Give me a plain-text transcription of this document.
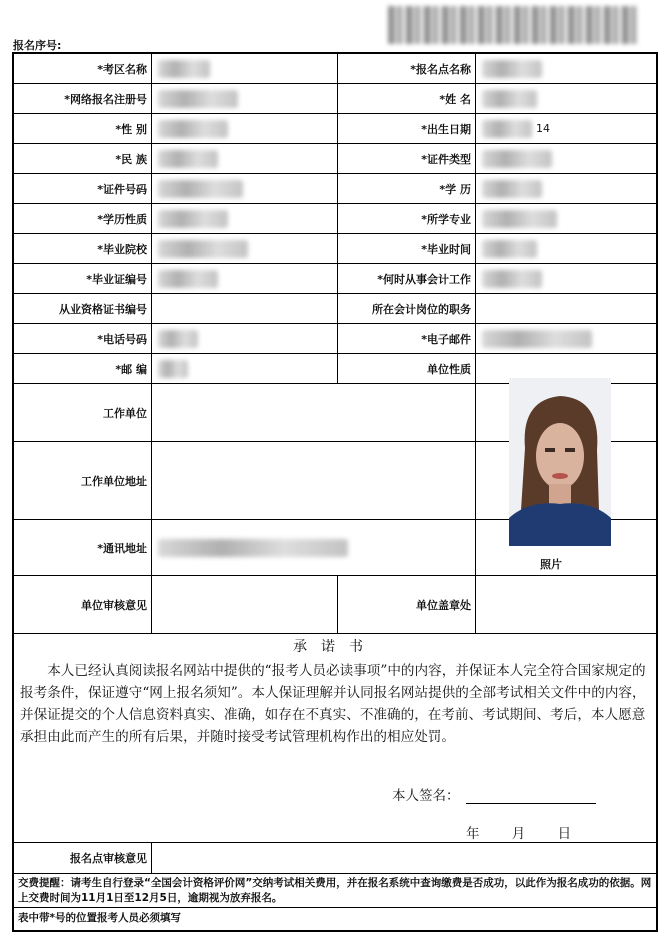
报名序号:
*考区名称	*报名点名称
*网络报名注册号	*姓 名
*性 别	*出生日期	14
*民 族	*证件类型
*证件号码	*学 历
*学历性质	*所学专业
*毕业院校	*毕业时间
*毕业证编号	*何时从事会计工作
从业资格证书编号	所在会计岗位的职务
*电话号码	*电子邮件
*邮 编	单位性质
工作单位
工作单位地址
*通讯地址
单位审核意见	单位盖章处
承诺书
本人已经认真阅读报名网站中提供的“报考人员必读事项”中的内容，并保证本人完全符合国家规定的报考条件，保证遵守“网上报名须知”。本人保证理解并认同报名网站提供的全部考试相关文件中的内容，并保证提交的个人信息资料真实、准确，如存在不真实、不准确的，在考前、考试期间、考后，本人愿意承担由此而产生的所有后果，并随时接受考试管理机构作出的相应处罚。
本人签名：
年 月 日
报名点审核意见
交费提醒：请考生自行登录“全国会计资格评价网”交纳考试相关费用，并在报名系统中查询缴费是否成功，以此作为报名成功的依据。网上交费时间为11月1日至12月5日，逾期视为放弃报名。
表中带*号的位置报考人员必须填写
照片
